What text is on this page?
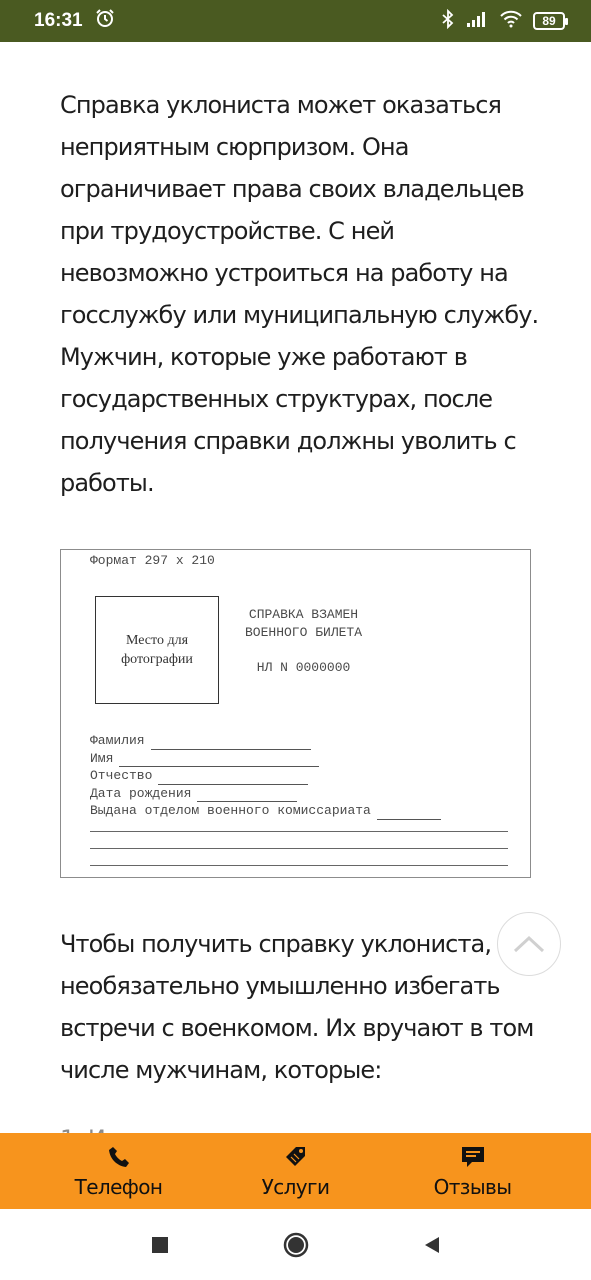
16:31	89

Справка уклониста может оказаться неприятным сюрпризом. Она ограничивает права своих владельцев при трудоустройстве. С ней невозможно устроиться на работу на госслужбу или муниципальную службу. Мужчин, которые уже работают в государственных структурах, после получения справки должны уволить с работы.

Формат 297 x 210
Место для фотографии
СПРАВКА ВЗАМЕН ВОЕННОГО БИЛЕТА
НЛ N 0000000
Фамилия
Имя
Отчество
Дата рождения
Выдана отделом военного комиссариата

Чтобы получить справку уклониста, необязательно умышленно избегать встречи с военкомом. Их вручают в том числе мужчинам, которые:

Телефон	Услуги	Отзывы
